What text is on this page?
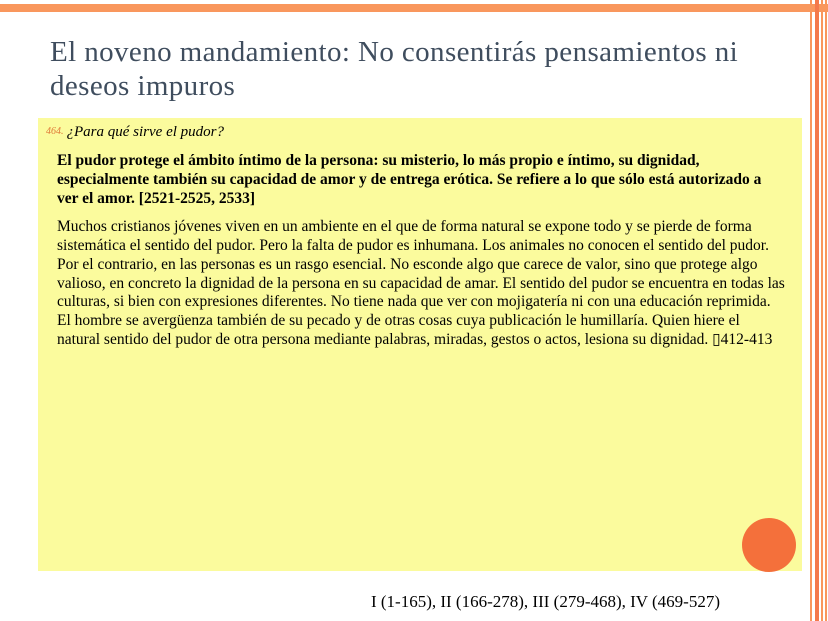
El noveno mandamiento: No consentirás pensamientos ni deseos impuros

464. ¿Para qué sirve el pudor?

El pudor protege el ámbito íntimo de la persona: su misterio, lo más propio e íntimo, su dignidad, especialmente también su capacidad de amor y de entrega erótica. Se refiere a lo que sólo está autorizado a ver el amor. [2521-2525, 2533]

Muchos cristianos jóvenes viven en un ambiente en el que de forma natural se expone todo y se pierde de forma sistemática el sentido del pudor. Pero la falta de pudor es inhumana. Los animales no conocen el sentido del pudor. Por el contrario, en las personas es un rasgo esencial. No esconde algo que carece de valor, sino que protege algo valioso, en concreto la dignidad de la persona en su capacidad de amar. El sentido del pudor se encuentra en todas las culturas, si bien con expresiones diferentes. No tiene nada que ver con mojigatería ni con una educación reprimida. El hombre se avergüenza también de su pecado y de otras cosas cuya publicación le humillaría. Quien hiere el natural sentido del pudor de otra persona mediante palabras, miradas, gestos o actos, lesiona su dignidad. ▯412-413

I (1-165), II (166-278), III (279-468), IV (469-527)
